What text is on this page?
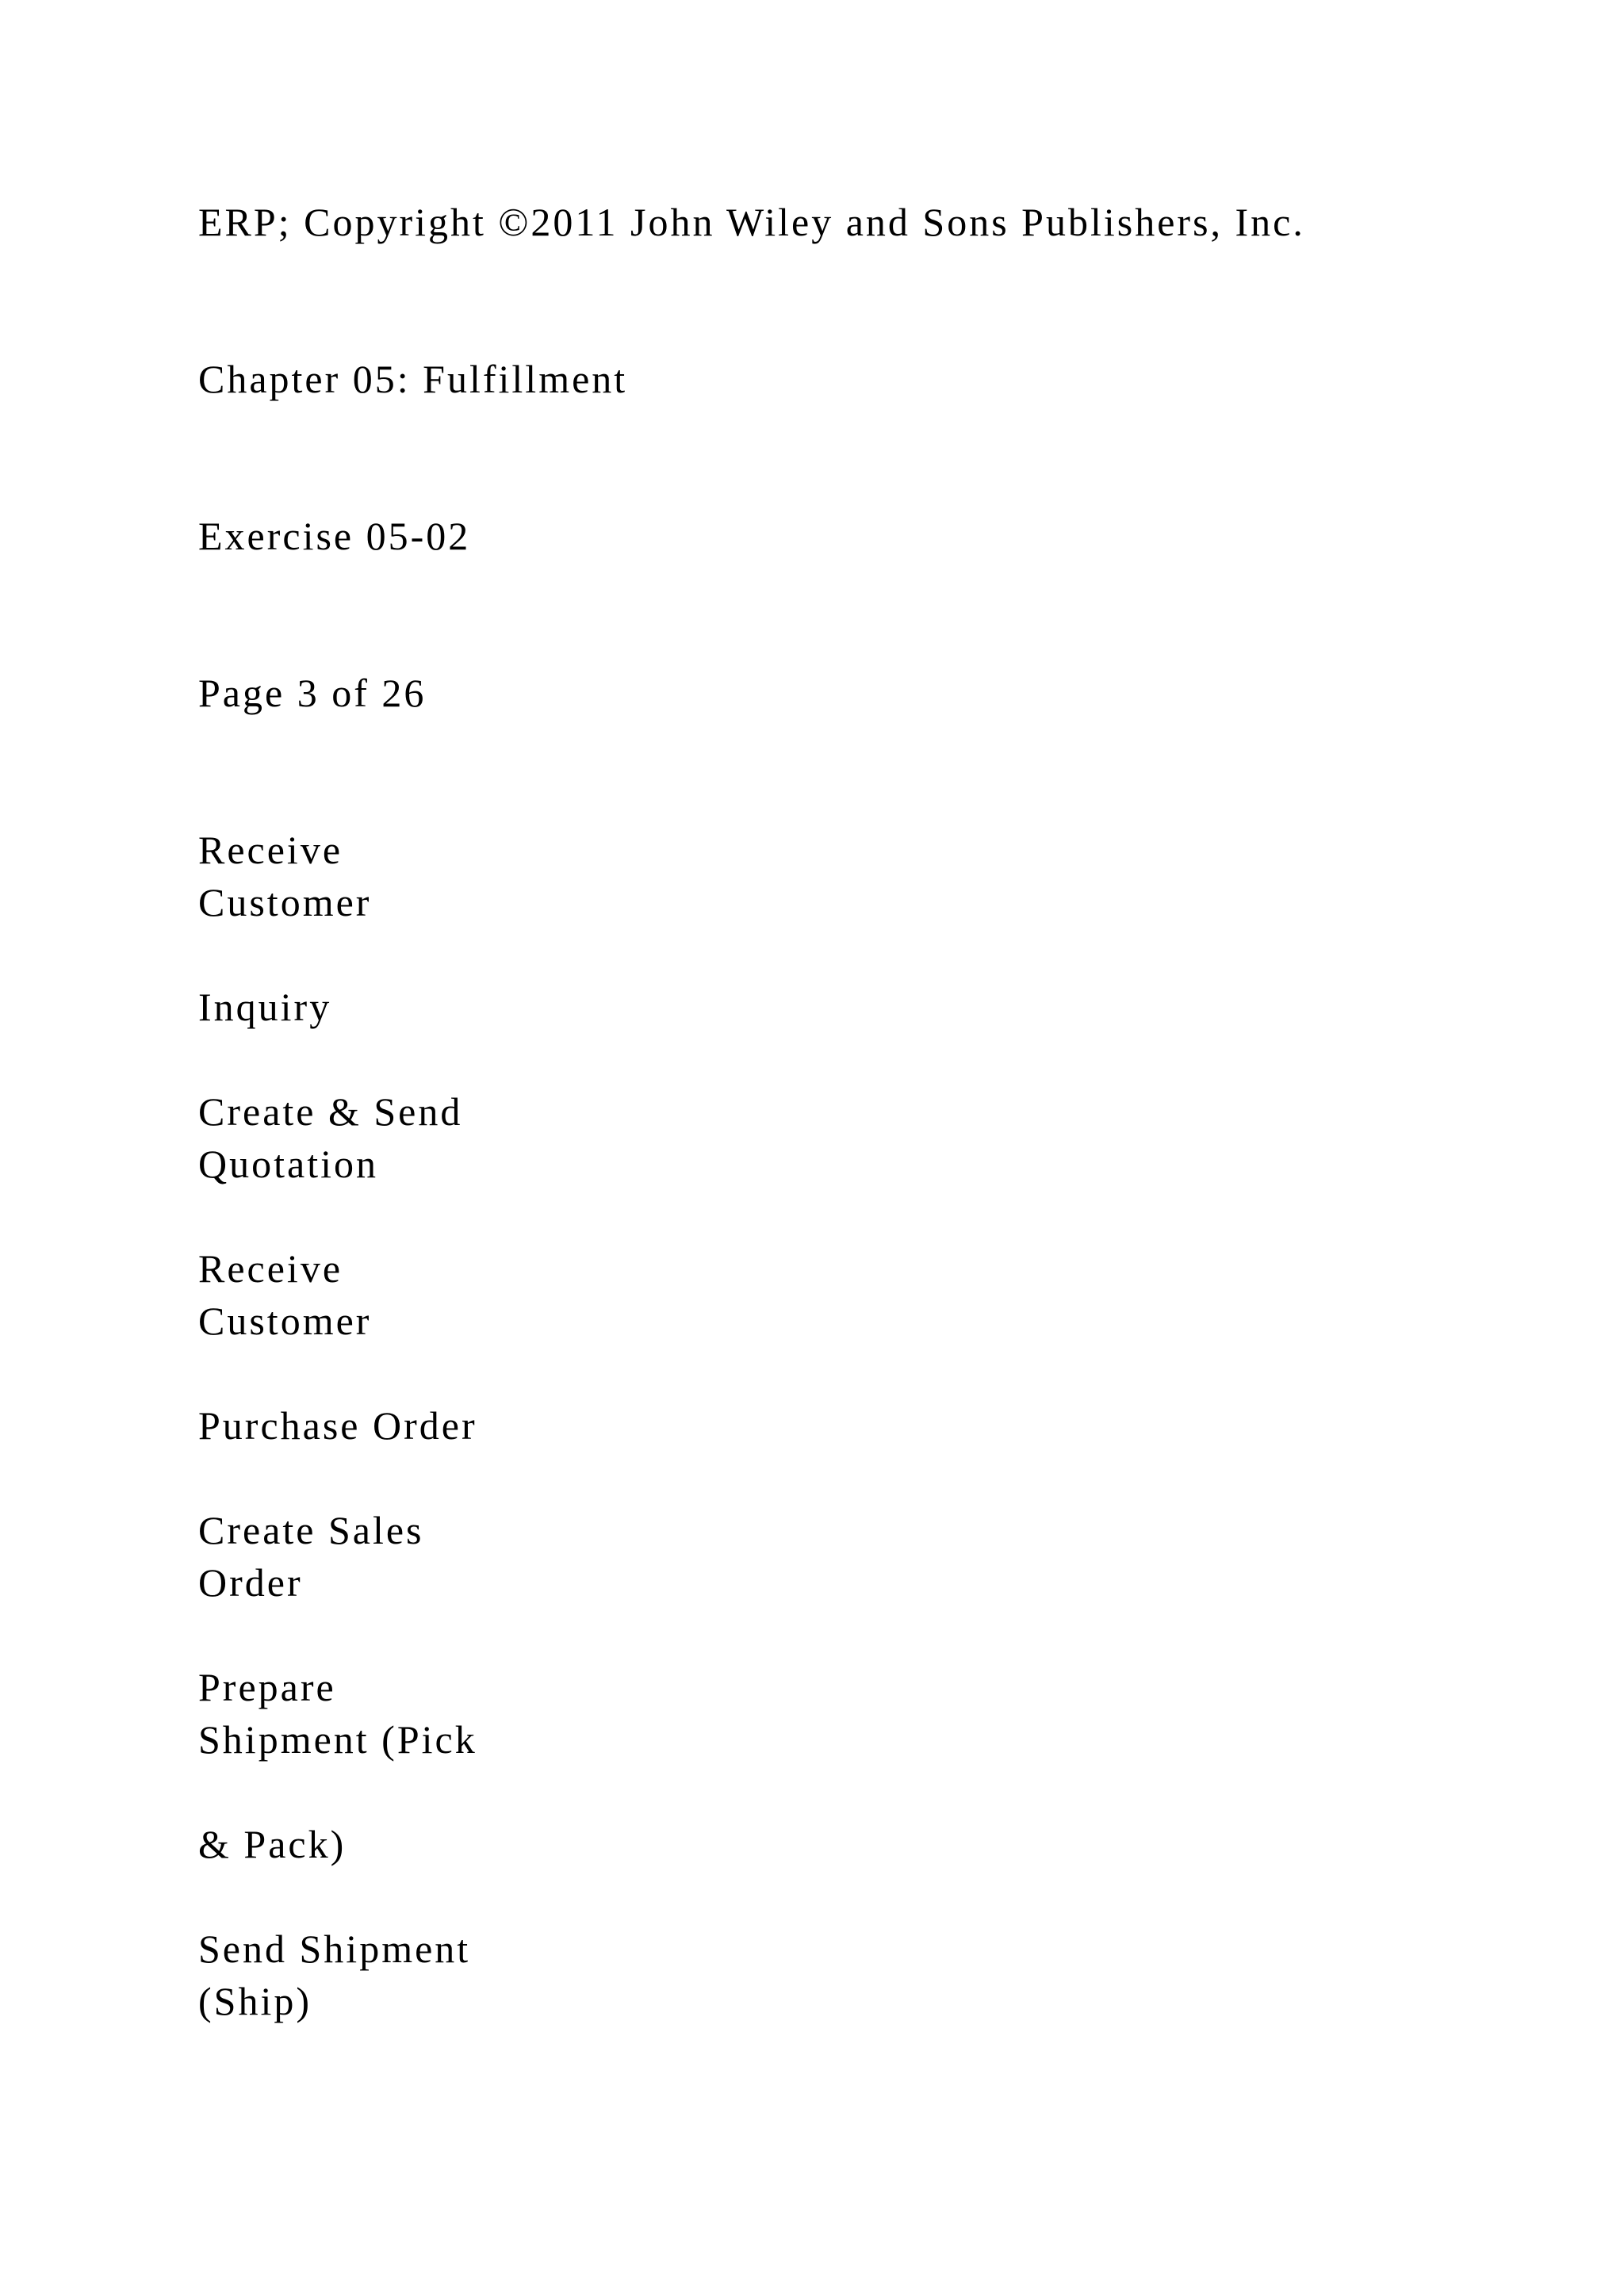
ERP; Copyright ©2011 John Wiley and Sons Publishers, Inc.

Chapter 05: Fulfillment

Exercise 05-02

Page 3 of 26

Receive

Customer

Inquiry

Create & Send

Quotation

Receive

Customer

Purchase Order

Create Sales

Order

Prepare

Shipment (Pick

& Pack)

Send Shipment

(Ship)
